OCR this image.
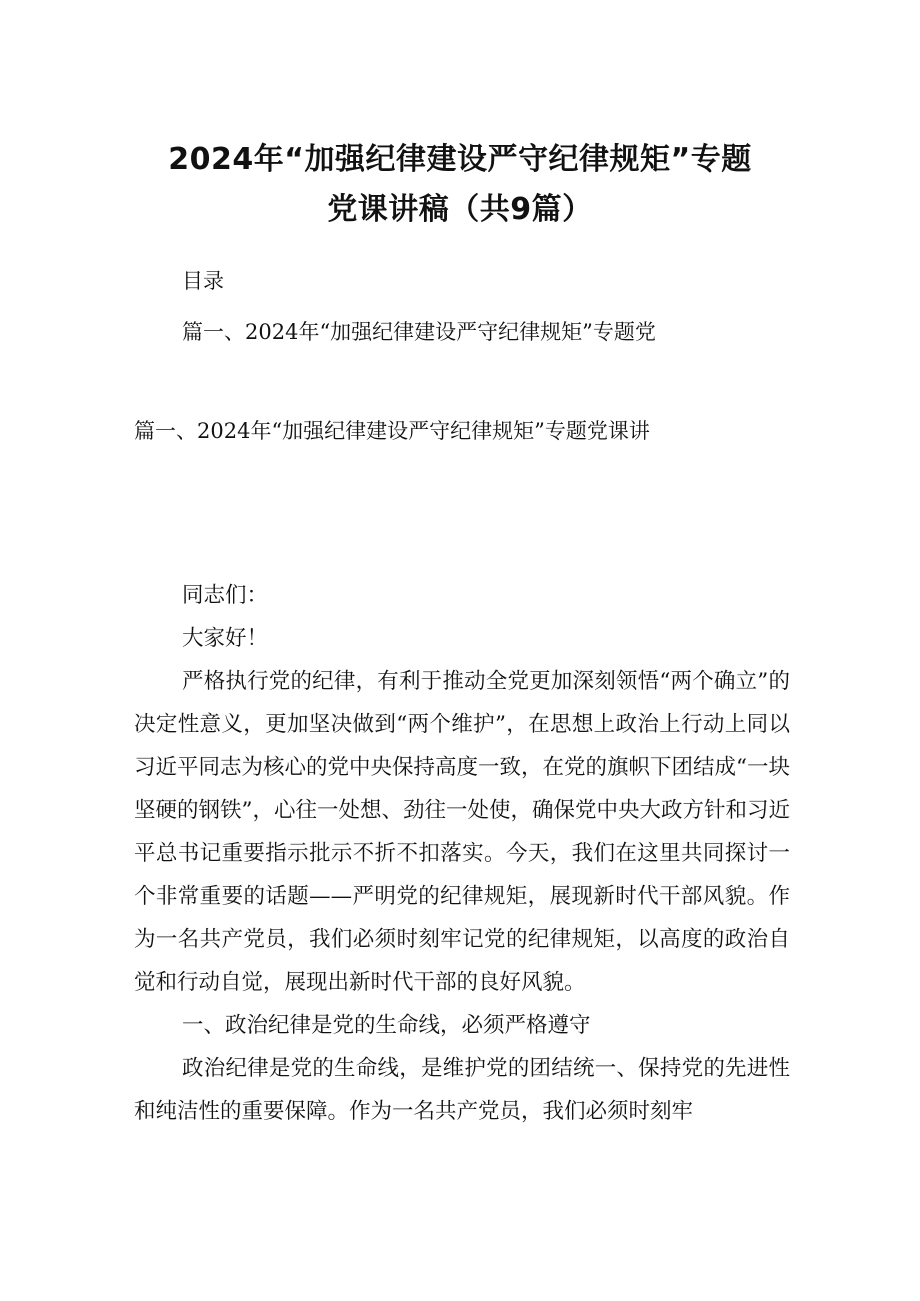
2024年“加强纪律建设严守纪律规矩”专题
党课讲稿（共9篇）

目录

篇一、2024年“加强纪律建设严守纪律规矩”专题党

篇一、2024年“加强纪律建设严守纪律规矩”专题党课讲

同志们：

大家好！

严格执行党的纪律，有利于推动全党更加深刻领悟“两个确立”的决定性意义，更加坚决做到“两个维护”，在思想上政治上行动上同以习近平同志为核心的党中央保持高度一致，在党的旗帜下团结成“一块坚硬的钢铁”，心往一处想、劲往一处使，确保党中央大政方针和习近平总书记重要指示批示不折不扣落实。今天，我们在这里共同探讨一个非常重要的话题——严明党的纪律规矩，展现新时代干部风貌。作为一名共产党员，我们必须时刻牢记党的纪律规矩，以高度的政治自觉和行动自觉，展现出新时代干部的良好风貌。

一、政治纪律是党的生命线，必须严格遵守

政治纪律是党的生命线，是维护党的团结统一、保持党的先进性和纯洁性的重要保障。作为一名共产党员，我们必须时刻牢
